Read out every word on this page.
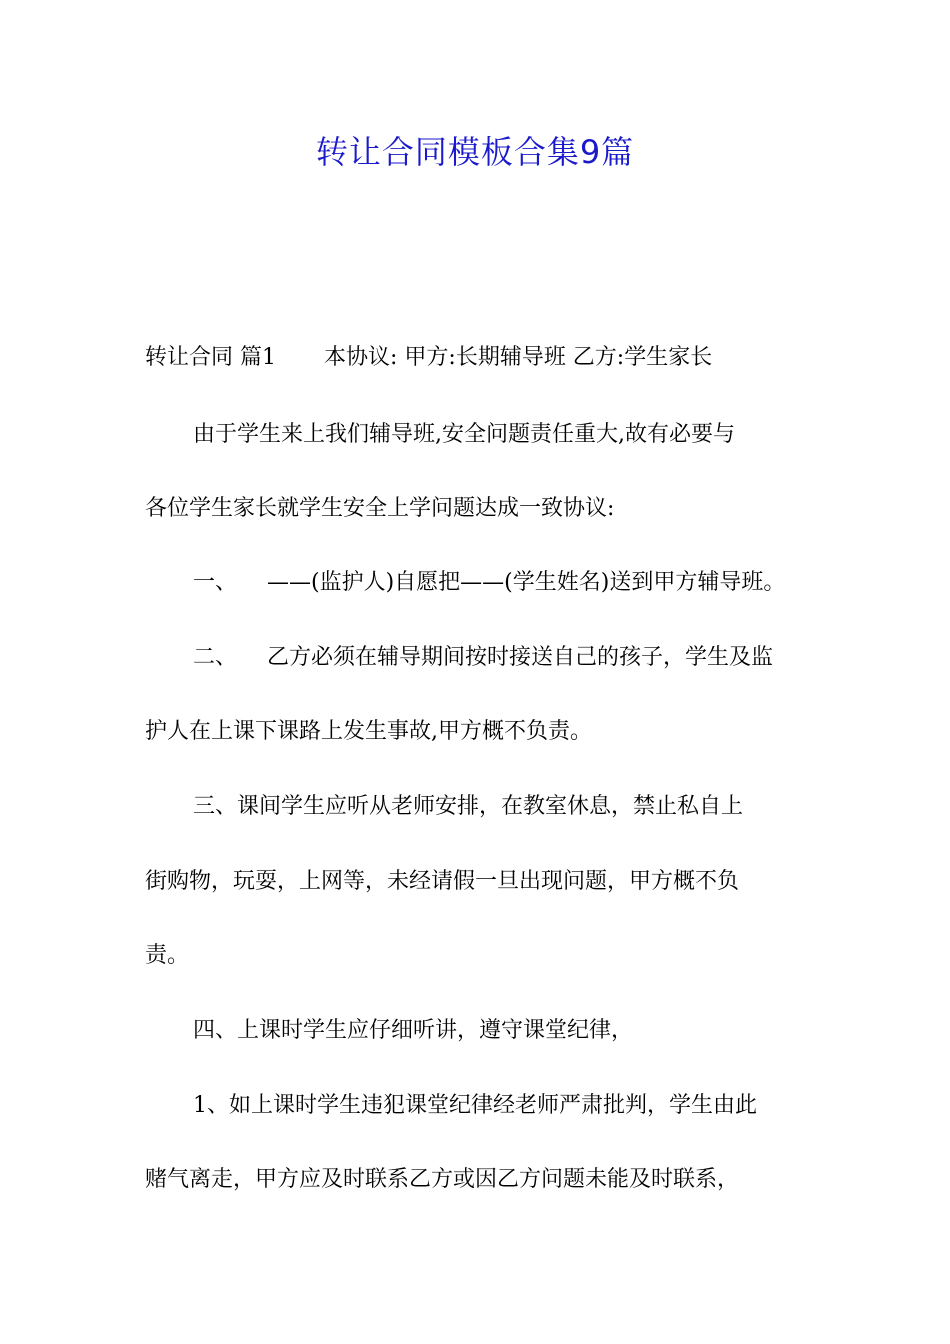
转让合同模板合集9篇
转让合同 篇1 本协议: 甲方:长期辅导班 乙方:学生家长
由于学生来上我们辅导班,安全问题责任重大,故有必要与
各位学生家长就学生安全上学问题达成一致协议:
一、 ——(监护人)自愿把——(学生姓名)送到甲方辅导班。
二、 乙方必须在辅导期间按时接送自己的孩子，学生及监
护人在上课下课路上发生事故,甲方概不负责。
三、课间学生应听从老师安排，在教室休息，禁止私自上
街购物，玩耍，上网等，未经请假一旦出现问题，甲方概不负
责。
四、上课时学生应仔细听讲，遵守课堂纪律，
1、如上课时学生违犯课堂纪律经老师严肃批判，学生由此
赌气离走，甲方应及时联系乙方或因乙方问题未能及时联系，
